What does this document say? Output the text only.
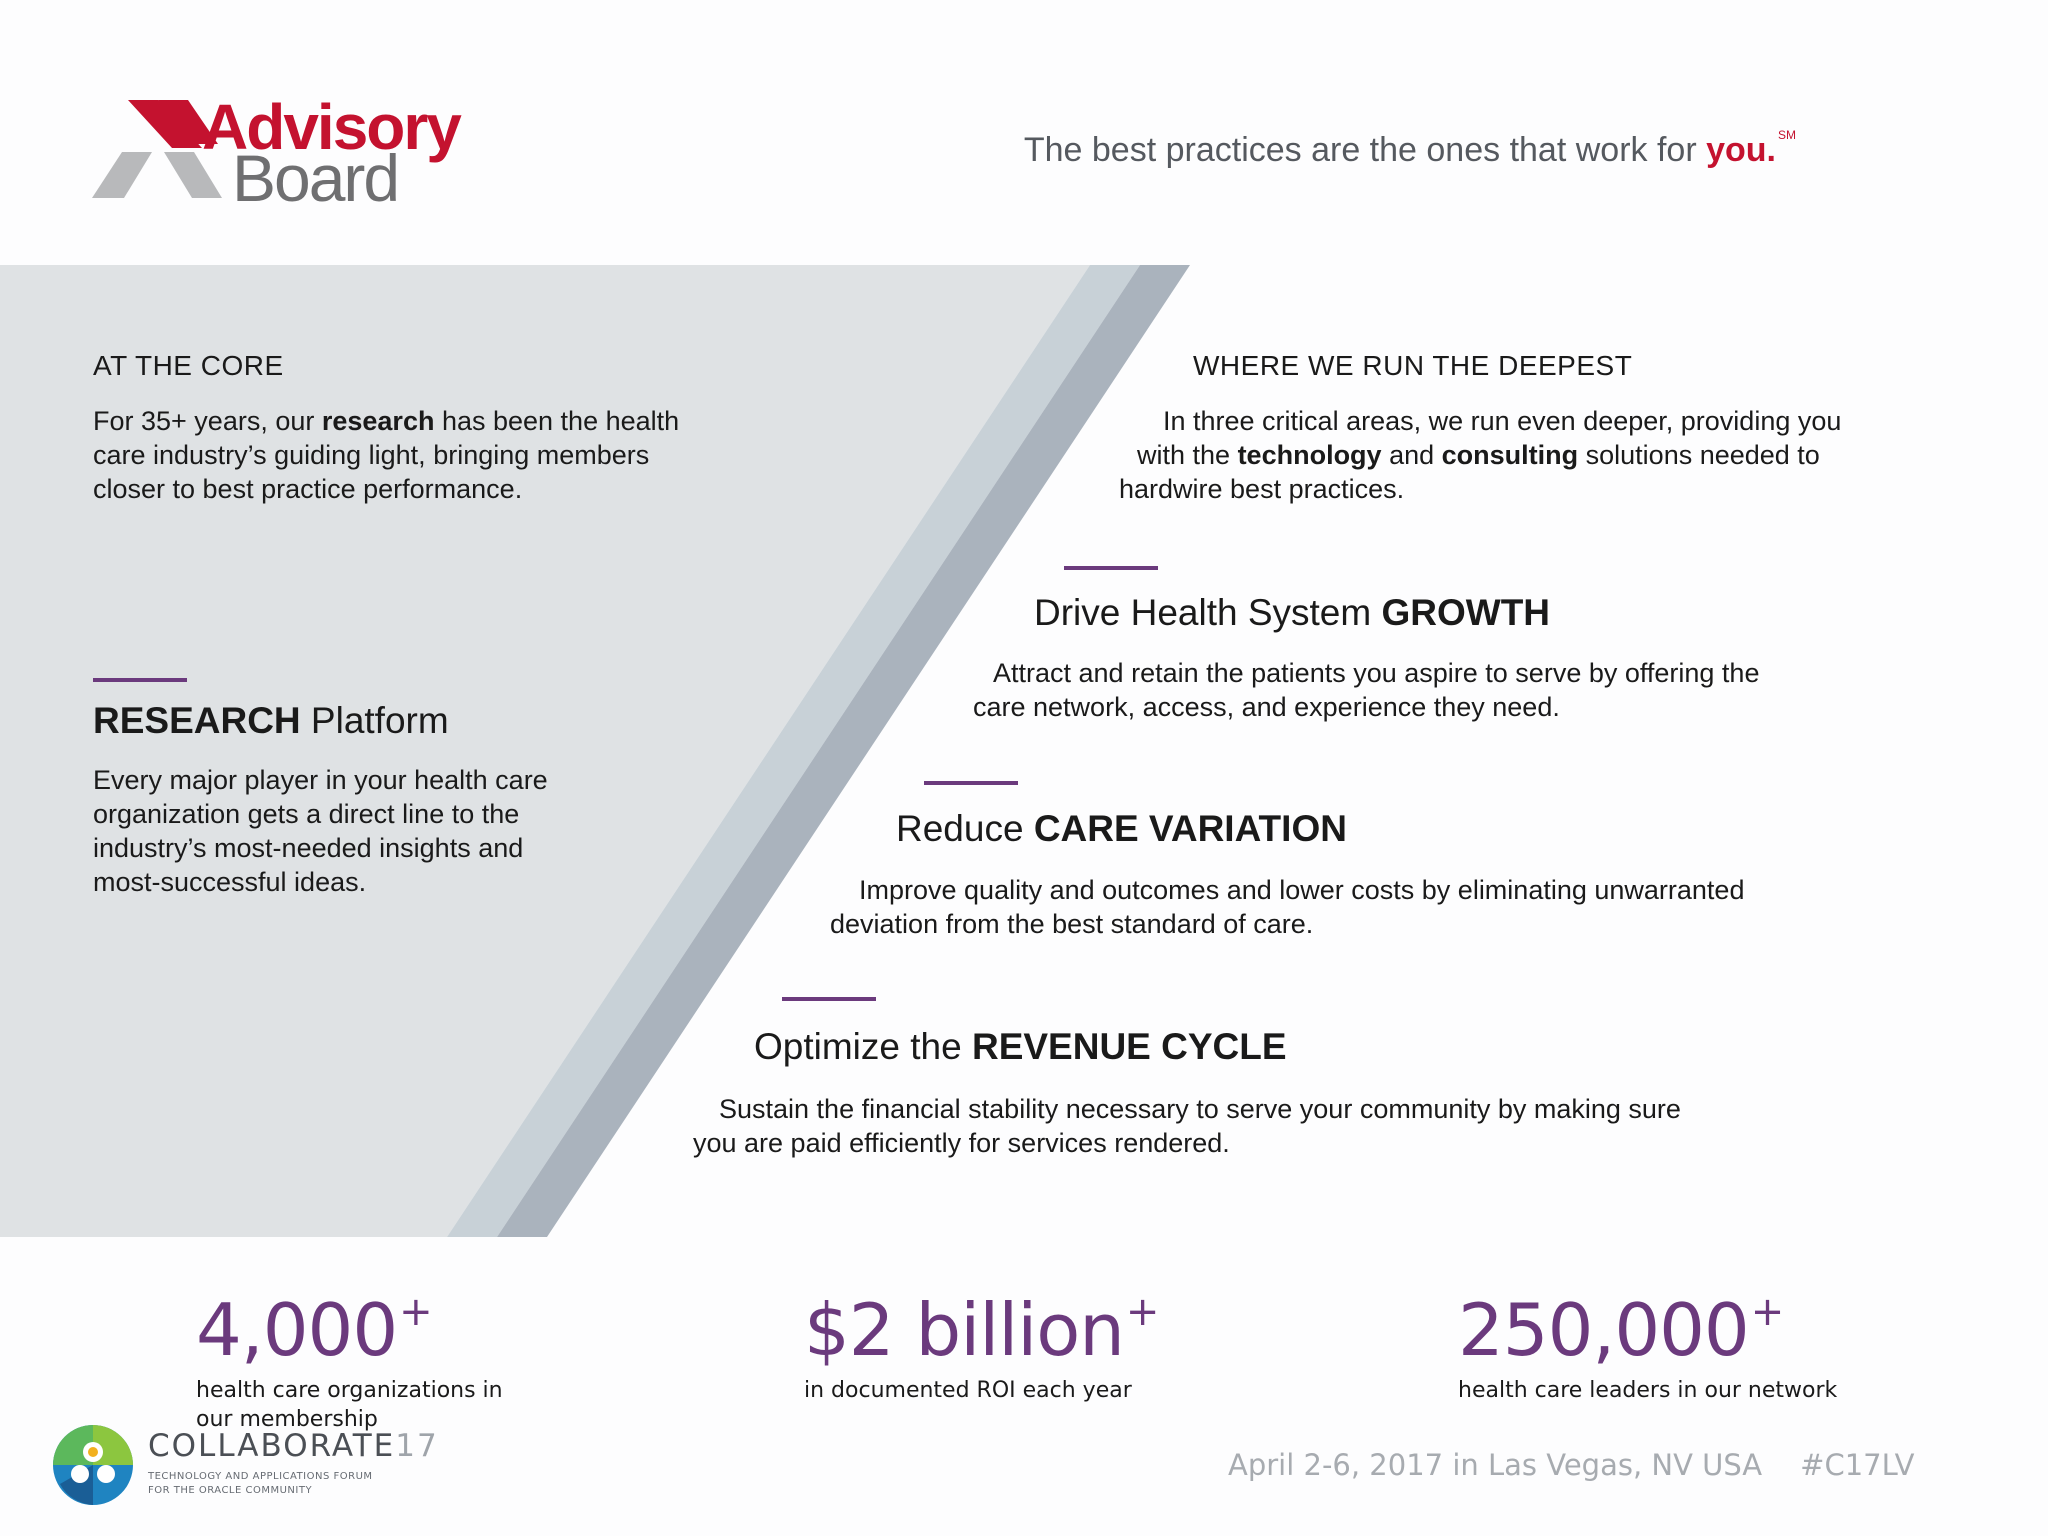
Advisory
Board	The best practices are the ones that work for you. ℠
AT THE CORE
For 35+ years, our research has been the health
care industry’s guiding light, bringing members
closer to best practice performance.
RESEARCH Platform
Every major player in your health care
organization gets a direct line to the
industry’s most-needed insights and
most-successful ideas.
WHERE WE RUN THE DEEPEST
In three critical areas, we run even deeper, providing you
with the technology and consulting solutions needed to
hardwire best practices.
Drive Health System GROWTH
Attract and retain the patients you aspire to serve by offering the
care network, access, and experience they need.
Reduce CARE VARIATION
Improve quality and outcomes and lower costs by eliminating unwarranted
deviation from the best standard of care.
Optimize the REVENUE CYCLE
Sustain the financial stability necessary to serve your community by making sure
you are paid efficiently for services rendered.
4,000+
health care organizations in
our membership
$2 billion+
in documented ROI each year
250,000+
health care leaders in our network
COLLABORATE17
TECHNOLOGY AND APPLICATIONS FORUM
FOR THE ORACLE COMMUNITY
April 2-6, 2017 in Las Vegas, NV USA #C17LV
